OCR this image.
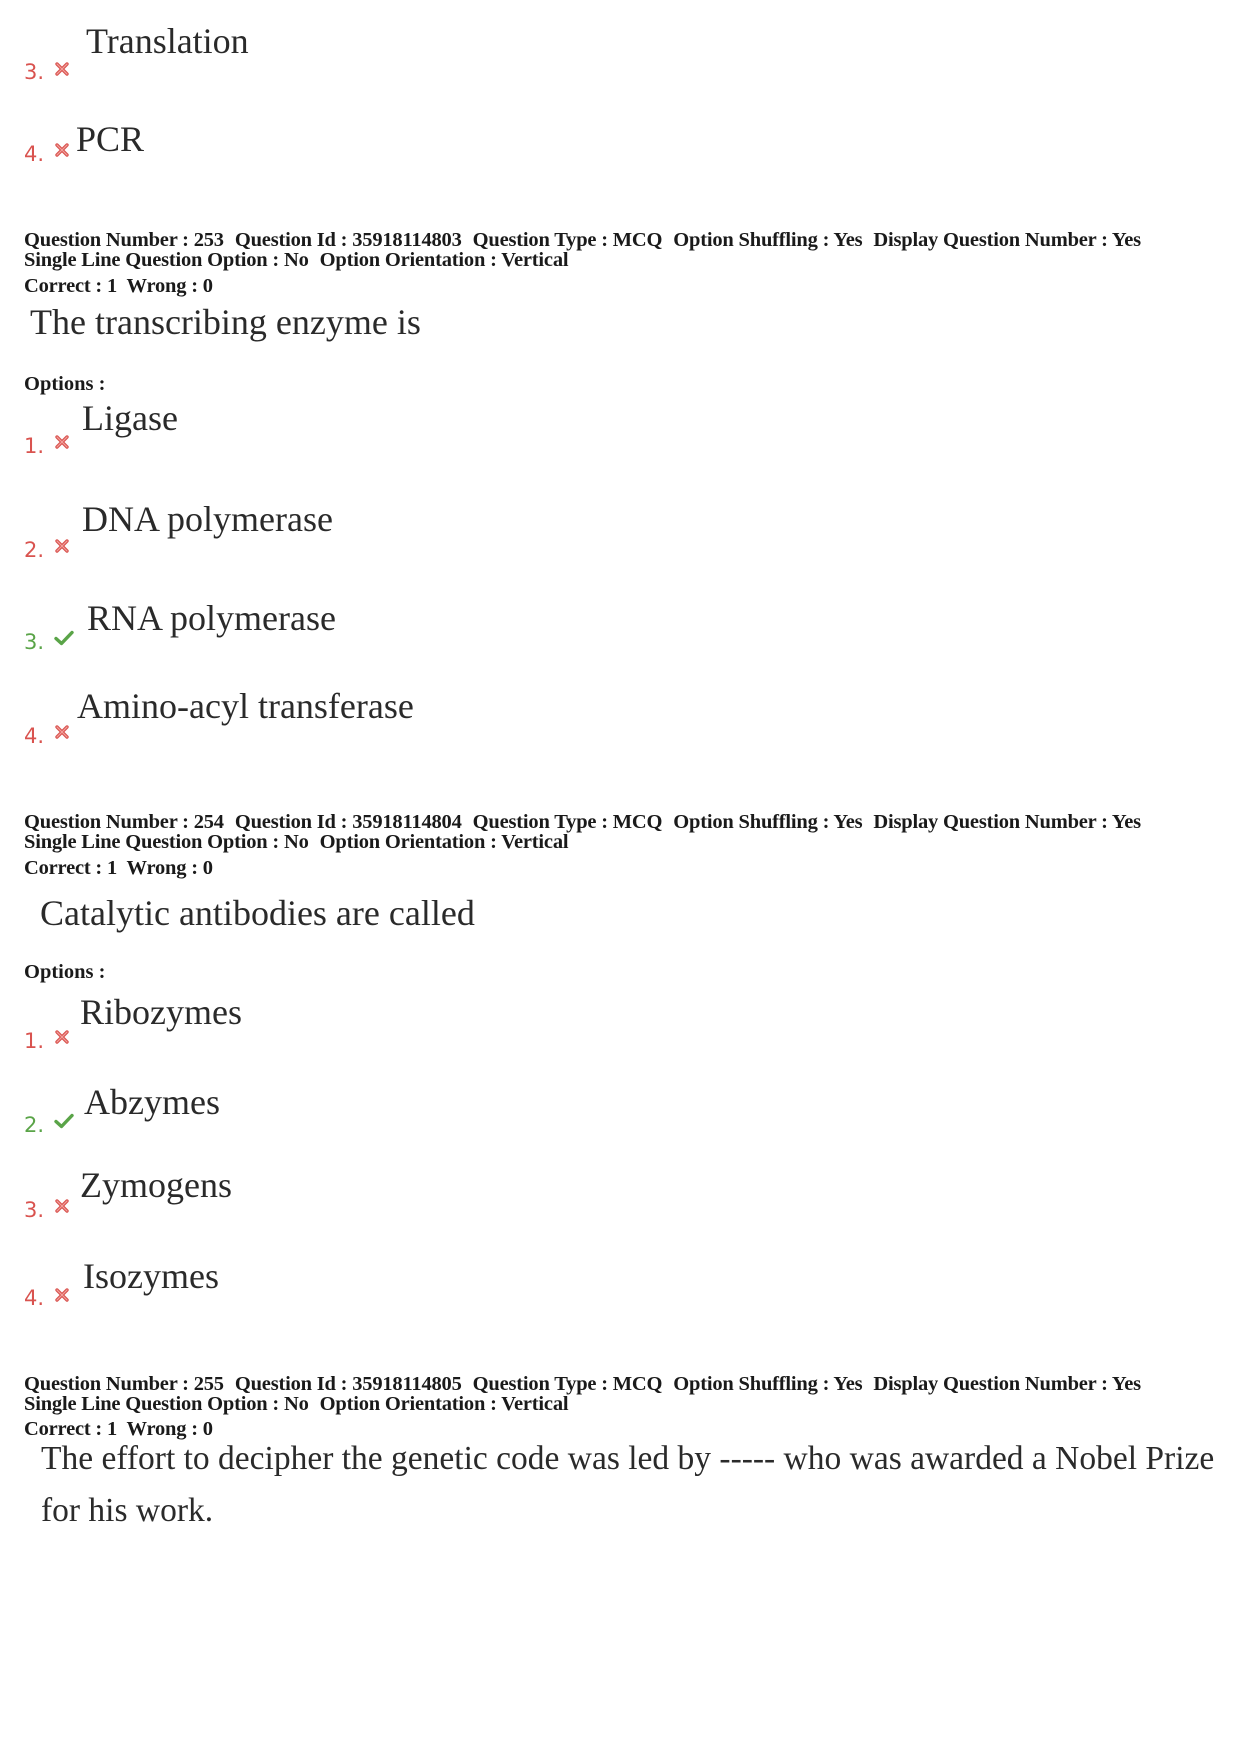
Translation
3.
PCR
4.
Question Number : 253 Question Id : 35918114803 Question Type : MCQ Option Shuffling : Yes Display Question Number : Yes
Single Line Question Option : No Option Orientation : Vertical
Correct : 1  Wrong : 0
The transcribing enzyme is
Options :
Ligase
1.
DNA polymerase
2.
RNA polymerase
3.
Amino-acyl transferase
4.
Question Number : 254 Question Id : 35918114804 Question Type : MCQ Option Shuffling : Yes Display Question Number : Yes
Single Line Question Option : No Option Orientation : Vertical
Correct : 1  Wrong : 0
Catalytic antibodies are called
Options :
Ribozymes
1.
Abzymes
2.
Zymogens
3.
Isozymes
4.
Question Number : 255 Question Id : 35918114805 Question Type : MCQ Option Shuffling : Yes Display Question Number : Yes
Single Line Question Option : No Option Orientation : Vertical
Correct : 1  Wrong : 0
The effort to decipher the genetic code was led by ----- who was awarded a Nobel Prize
for his work.
